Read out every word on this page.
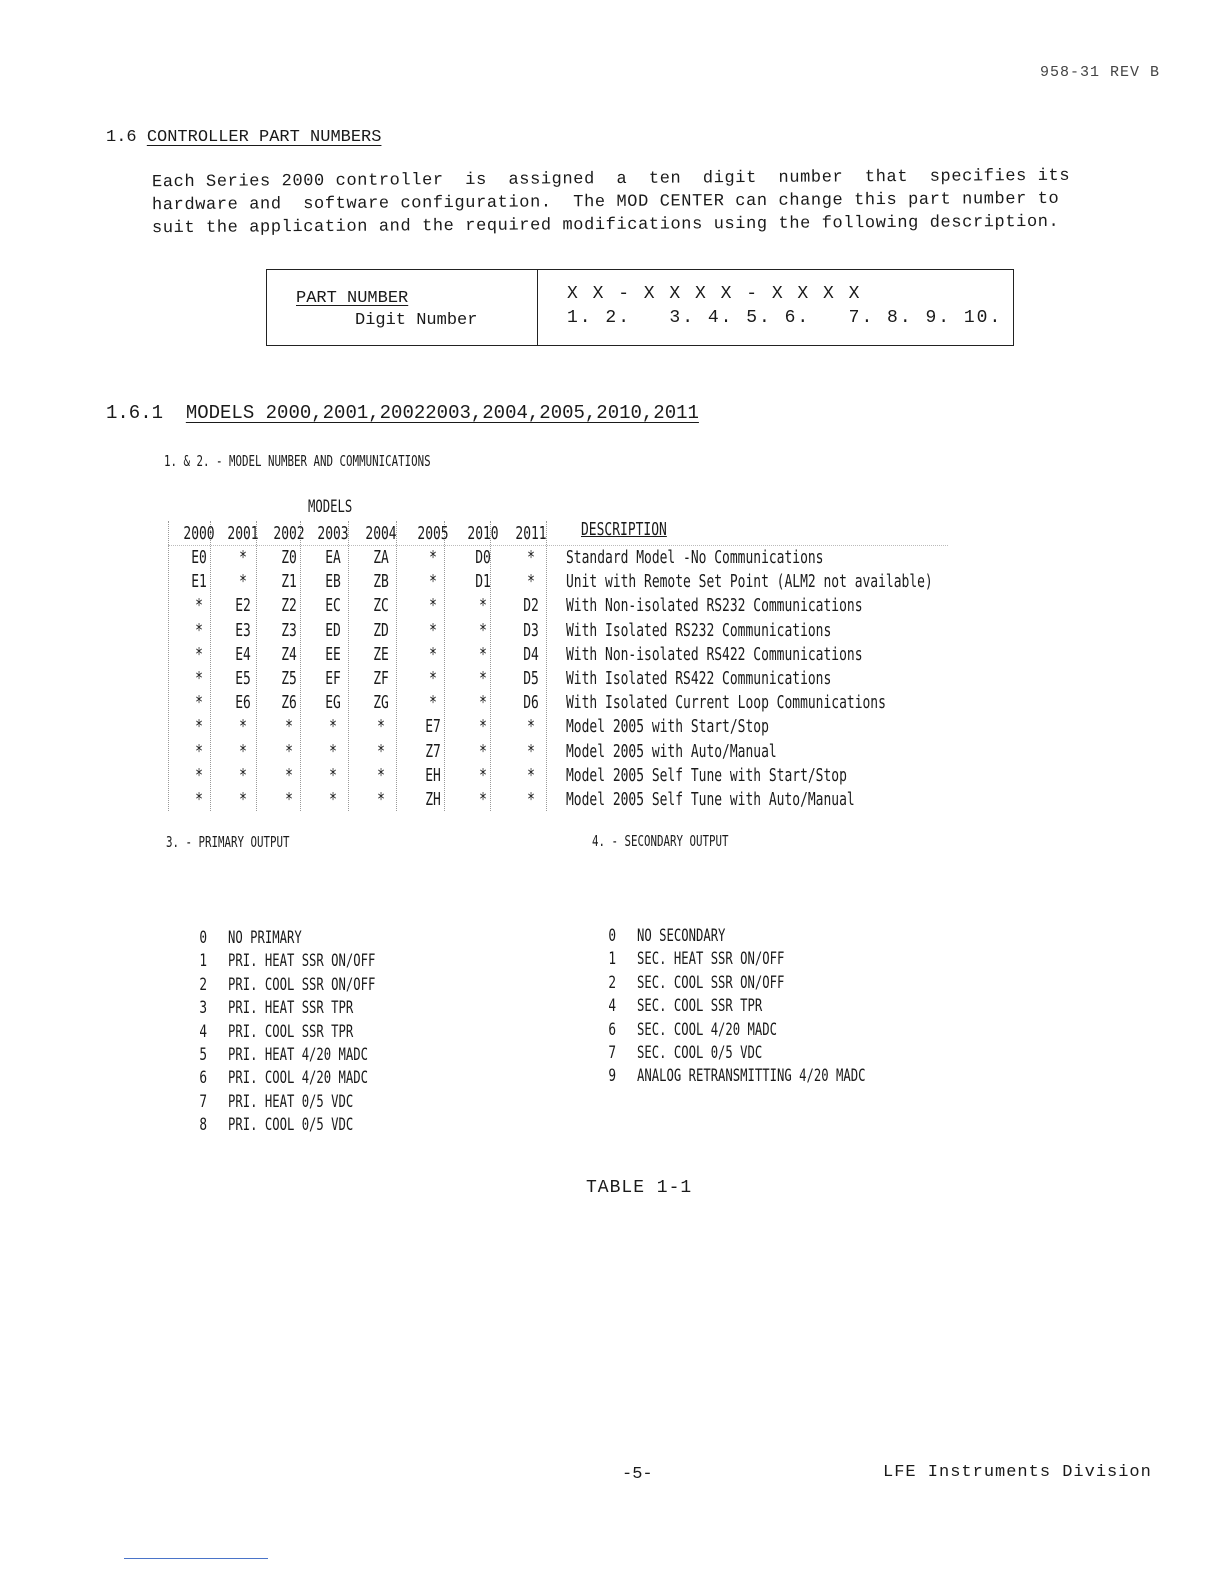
958-31 REV B
1.6 CONTROLLER PART NUMBERS
Each Series 2000 controller  is  assigned  a  ten  digit  number  that  specifies its
hardware and  software configuration.  The MOD CENTER can change this part number to
suit the application and the required modifications using the following description.
PART NUMBER
Digit Number
X X - X X X X - X X X X
1. 2.   3. 4. 5. 6.   7. 8. 9. 10.
1.6.1 MODELS 2000,2001,20022003,2004,2005,2010,2011
1. & 2. - MODEL NUMBER AND COMMUNICATIONS
MODELS
DESCRIPTION
2000 2001 2002 2003 2004 2005 2010 2011
E0	*	Z0	EA	ZA	*	D0	*	Standard Model -No Communications
E1	*	Z1	EB	ZB	*	D1	*	Unit with Remote Set Point (ALM2 not available)
*	E2	Z2	EC	ZC	*	*	D2	With Non-isolated RS232 Communications
*	E3	Z3	ED	ZD	*	*	D3	With Isolated RS232 Communications
*	E4	Z4	EE	ZE	*	*	D4	With Non-isolated RS422 Communications
*	E5	Z5	EF	ZF	*	*	D5	With Isolated RS422 Communications
*	E6	Z6	EG	ZG	*	*	D6	With Isolated Current Loop Communications
*	*	*	*	*	E7	*	*	Model 2005 with Start/Stop
*	*	*	*	*	Z7	*	*	Model 2005 with Auto/Manual
*	*	*	*	*	EH	*	*	Model 2005 Self Tune with Start/Stop
*	*	*	*	*	ZH	*	*	Model 2005 Self Tune with Auto/Manual
3. - PRIMARY OUTPUT	4. - SECONDARY OUTPUT
0 NO PRIMARY
1 PRI. HEAT SSR ON/OFF
2 PRI. COOL SSR ON/OFF
3 PRI. HEAT SSR TPR
4 PRI. COOL SSR TPR
5 PRI. HEAT 4/20 MADC
6 PRI. COOL 4/20 MADC
7 PRI. HEAT 0/5 VDC
8 PRI. COOL 0/5 VDC
0 NO SECONDARY
1 SEC. HEAT SSR ON/OFF
2 SEC. COOL SSR ON/OFF
4 SEC. COOL SSR TPR
6 SEC. COOL 4/20 MADC
7 SEC. COOL 0/5 VDC
9 ANALOG RETRANSMITTING 4/20 MADC
TABLE 1-1
-5-	LFE Instruments Division
